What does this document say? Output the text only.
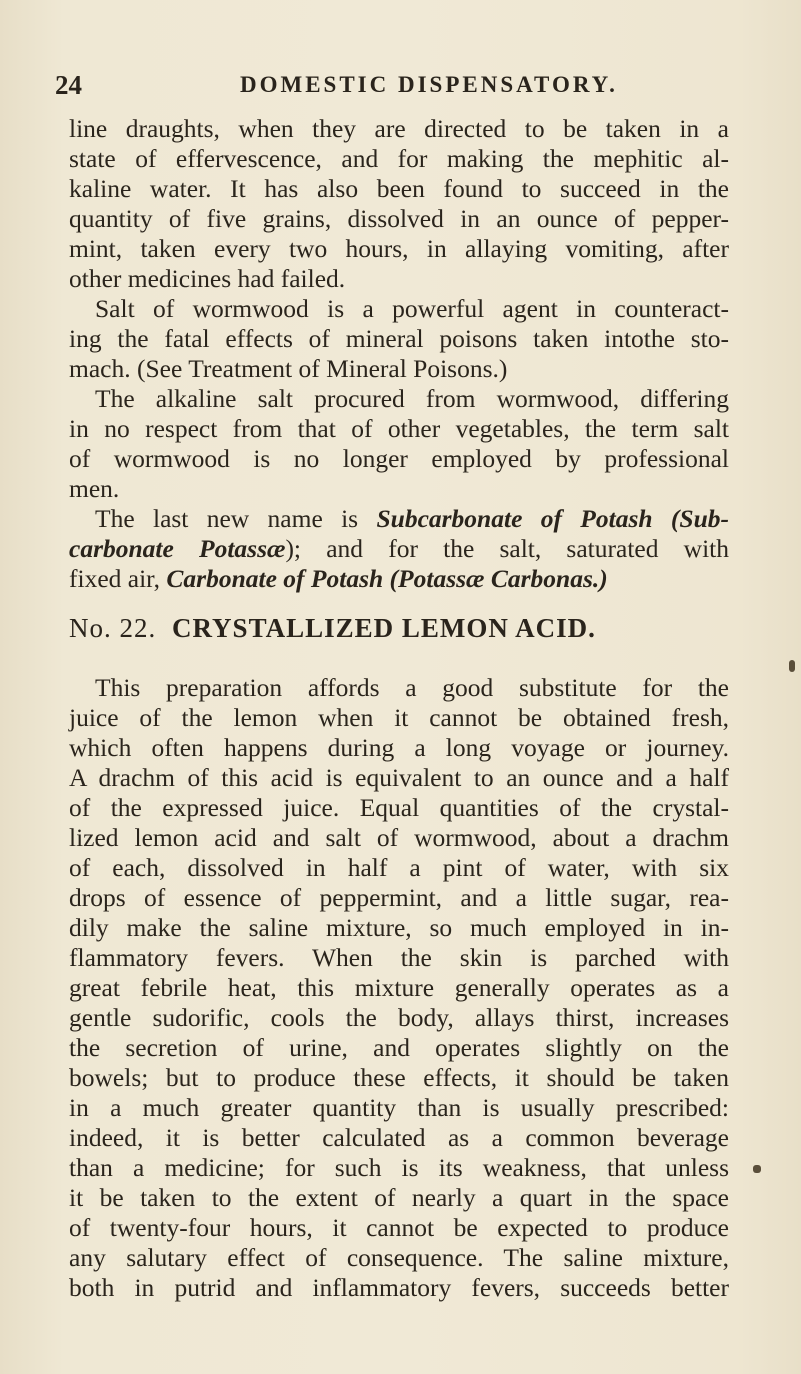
24	DOMESTIC DISPENSATORY.
line draughts, when they are directed to be taken in a
state of effervescence, and for making the mephitic al-
kaline water. It has also been found to succeed in the
quantity of five grains, dissolved in an ounce of pepper-
mint, taken every two hours, in allaying vomiting, after
other medicines had failed.
Salt of wormwood is a powerful agent in counteract-
ing the fatal effects of mineral poisons taken intothe sto-
mach. (See Treatment of Mineral Poisons.)
The alkaline salt procured from wormwood, differing
in no respect from that of other vegetables, the term salt
of wormwood is no longer employed by professional
men.
The last new name is Subcarbonate of Potash (Sub-
carbonate Potassæ); and for the salt, saturated with
fixed air, Carbonate of Potash (Potassæ Carbonas.)
No. 22. CRYSTALLIZED LEMON ACID.
This preparation affords a good substitute for the
juice of the lemon when it cannot be obtained fresh,
which often happens during a long voyage or journey.
A drachm of this acid is equivalent to an ounce and a half
of the expressed juice. Equal quantities of the crystal-
lized lemon acid and salt of wormwood, about a drachm
of each, dissolved in half a pint of water, with six
drops of essence of peppermint, and a little sugar, rea-
dily make the saline mixture, so much employed in in-
flammatory fevers. When the skin is parched with
great febrile heat, this mixture generally operates as a
gentle sudorific, cools the body, allays thirst, increases
the secretion of urine, and operates slightly on the
bowels; but to produce these effects, it should be taken
in a much greater quantity than is usually prescribed:
indeed, it is better calculated as a common beverage
than a medicine; for such is its weakness, that unless
it be taken to the extent of nearly a quart in the space
of twenty-four hours, it cannot be expected to produce
any salutary effect of consequence. The saline mixture,
both in putrid and inflammatory fevers, succeeds better
